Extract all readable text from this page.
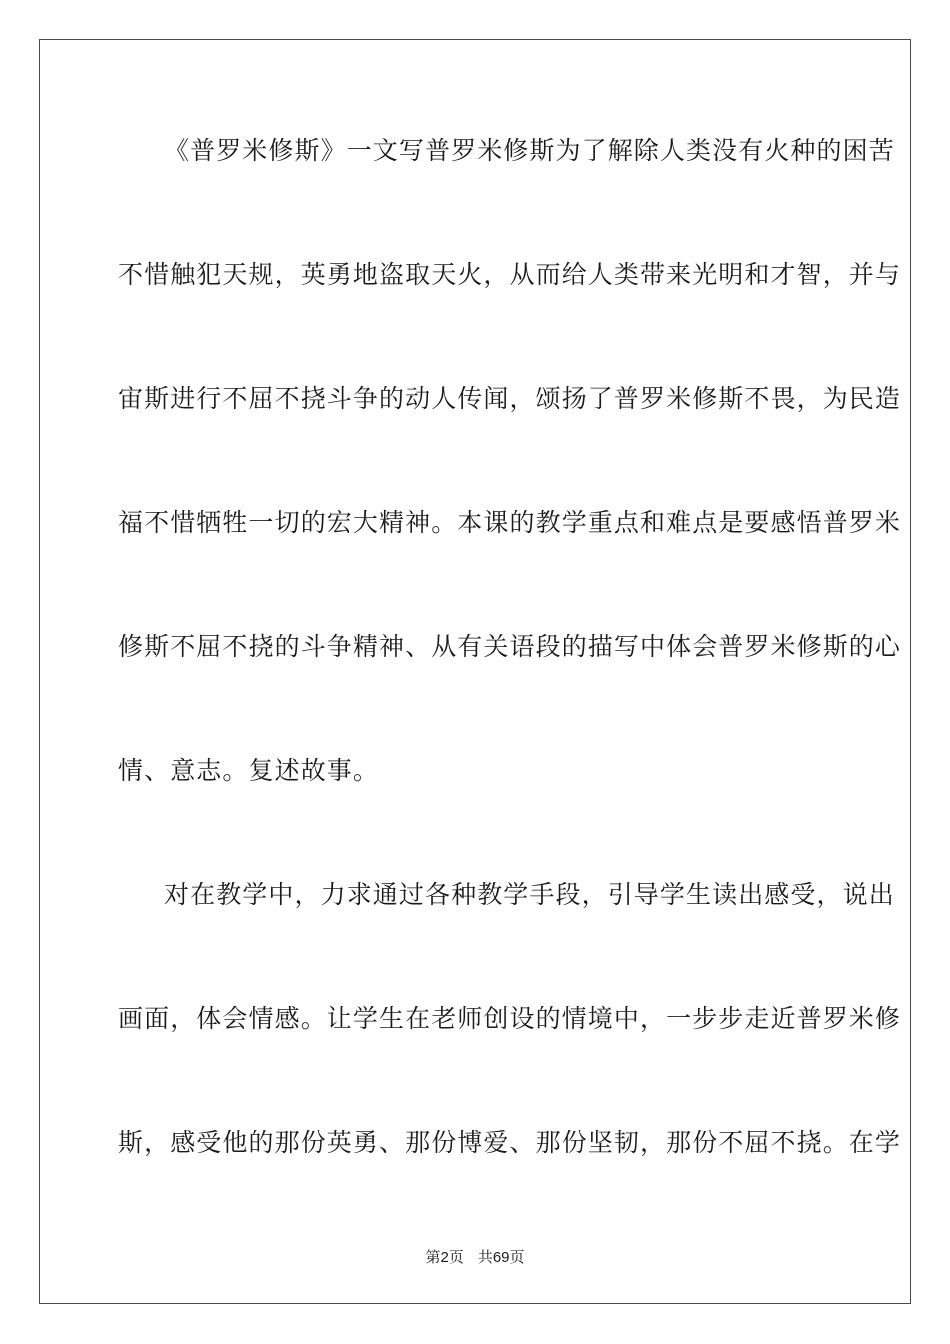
《普罗米修斯》一文写普罗米修斯为了解除人类没有火种的困苦
不惜触犯天规，英勇地盗取天火，从而给人类带来光明和才智，并与
宙斯进行不屈不挠斗争的动人传闻，颂扬了普罗米修斯不畏，为民造
福不惜牺牲一切的宏大精神。本课的教学重点和难点是要感悟普罗米
修斯不屈不挠的斗争精神、从有关语段的描写中体会普罗米修斯的心
情、意志。复述故事。
对在教学中，力求通过各种教学手段，引导学生读出感受，说出
画面，体会情感。让学生在老师创设的情境中，一步步走近普罗米修
斯，感受他的那份英勇、那份博爱、那份坚韧，那份不屈不挠。在学
第2页 共69页
